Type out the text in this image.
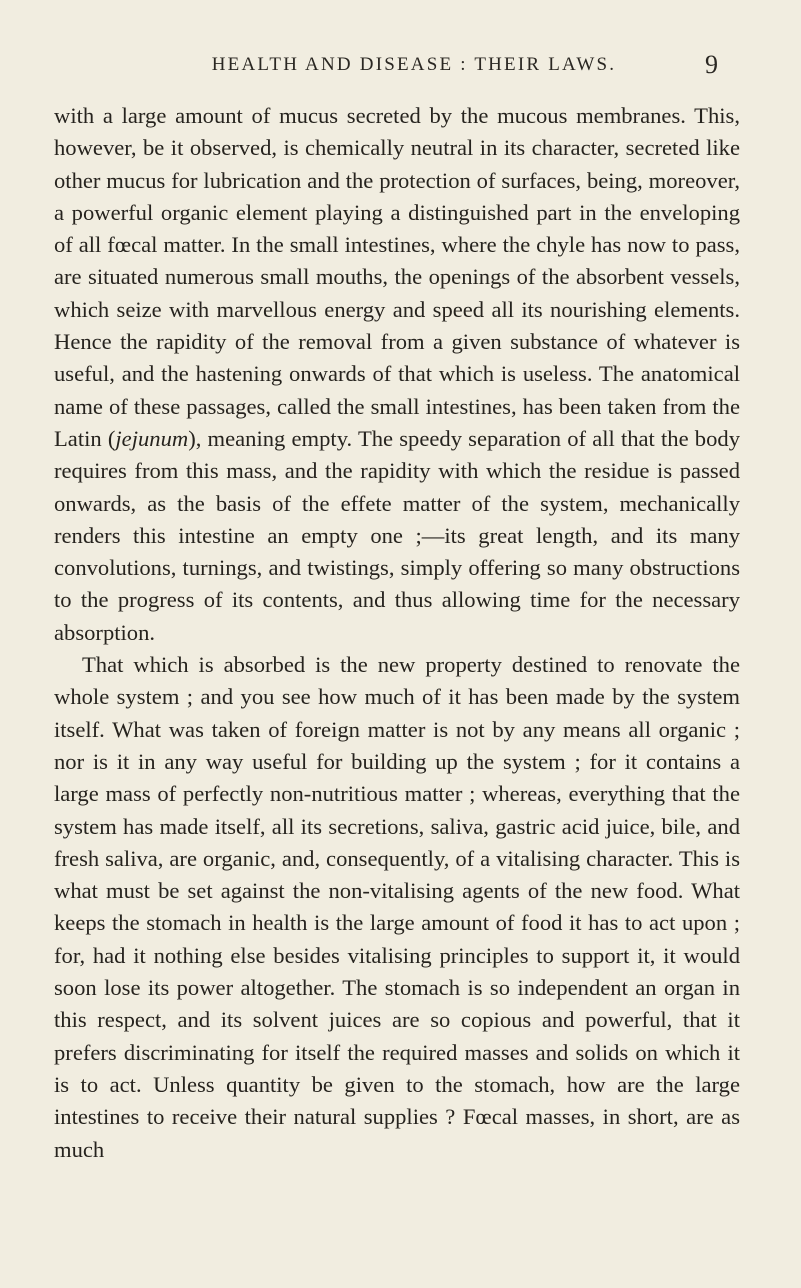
HEALTH AND DISEASE : THEIR LAWS.	9

with a large amount of mucus secreted by the mucous membranes. This, however, be it observed, is chemically neutral in its character, secreted like other mucus for lubrication and the protection of surfaces, being, moreover, a powerful organic element playing a distinguished part in the enveloping of all fœcal matter. In the small intestines, where the chyle has now to pass, are situated numerous small mouths, the openings of the absorbent vessels, which seize with marvellous energy and speed all its nourishing elements. Hence the rapidity of the removal from a given substance of whatever is useful, and the hastening onwards of that which is useless. The anatomical name of these passages, called the small intestines, has been taken from the Latin (jejunum), meaning empty. The speedy separation of all that the body requires from this mass, and the rapidity with which the residue is passed onwards, as the basis of the effete matter of the system, mechanically renders this intestine an empty one ;—its great length, and its many convolutions, turnings, and twistings, simply offering so many obstructions to the progress of its contents, and thus allowing time for the necessary absorption.

That which is absorbed is the new property destined to renovate the whole system ; and you see how much of it has been made by the system itself. What was taken of foreign matter is not by any means all organic ; nor is it in any way useful for building up the system ; for it contains a large mass of perfectly non-nutritious matter ; whereas, everything that the system has made itself, all its secretions, saliva, gastric acid juice, bile, and fresh saliva, are organic, and, consequently, of a vitalising character. This is what must be set against the non-vitalising agents of the new food. What keeps the stomach in health is the large amount of food it has to act upon ; for, had it nothing else besides vitalising principles to support it, it would soon lose its power altogether. The stomach is so independent an organ in this respect, and its solvent juices are so copious and powerful, that it prefers discriminating for itself the required masses and solids on which it is to act. Unless quantity be given to the stomach, how are the large intestines to receive their natural supplies ? Fœcal masses, in short, are as much
